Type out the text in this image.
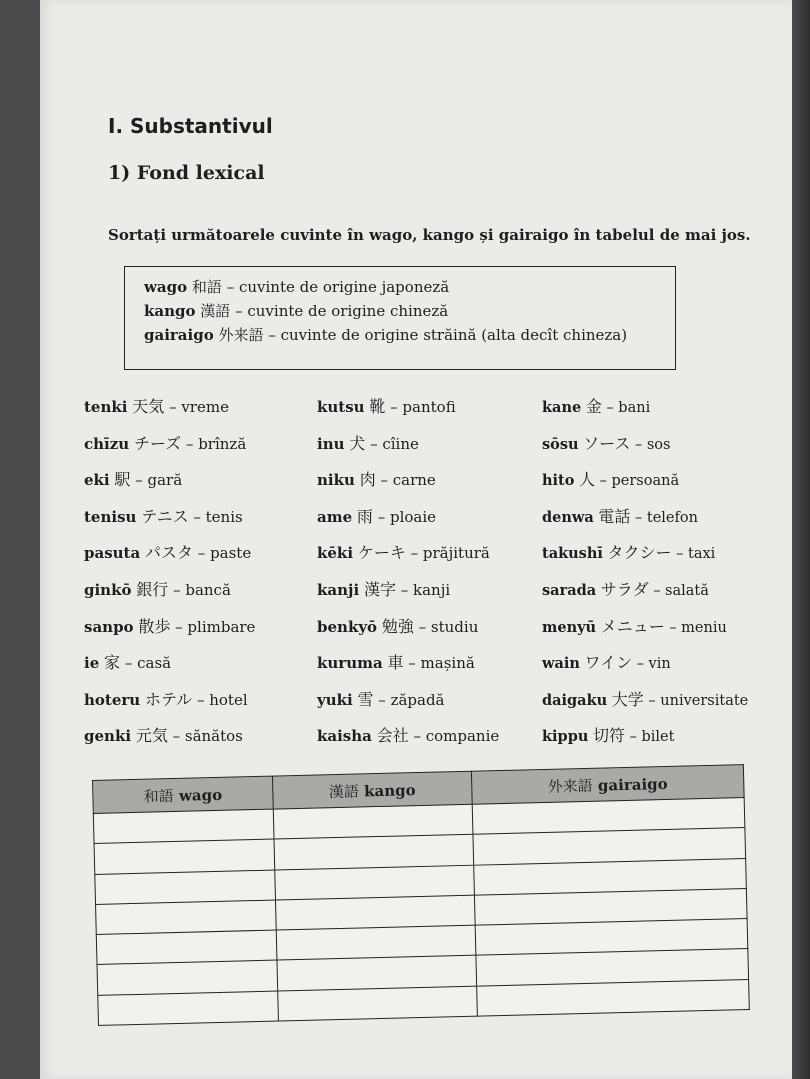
I. Substantivul
1) Fond lexical
Sortați următoarele cuvinte în wago, kango și gairaigo în tabelul de mai jos.
wago 和語 – cuvinte de origine japoneză
kango 漢語 – cuvinte de origine chineză
gairaigo 外来語 – cuvinte de origine străină (alta decît chineza)
tenki 天気 – vreme
chīzu チーズ – brînză
eki 駅 – gară
tenisu テニス – tenis
pasuta パスタ – paste
ginkō 銀行 – bancă
sanpo 散歩 – plimbare
ie 家 – casă
hoteru ホテル – hotel
genki 元気 – sănătos
kutsu 靴 – pantofi
inu 犬 – cîine
niku 肉 – carne
ame 雨 – ploaie
kēki ケーキ – prăjitură
kanji 漢字 – kanji
benkyō 勉強 – studiu
kuruma 車 – mașină
yuki 雪 – zăpadă
kaisha 会社 – companie
kane 金 – bani
sōsu ソース – sos
hito 人 – persoană
denwa 電話 – telefon
takushī タクシー – taxi
sarada サラダ – salată
menyū メニュー – meniu
wain ワイン – vin
daigaku 大学 – universitate
kippu 切符 – bilet
和語 wago	漢語 kango	外来語 gairaigo
